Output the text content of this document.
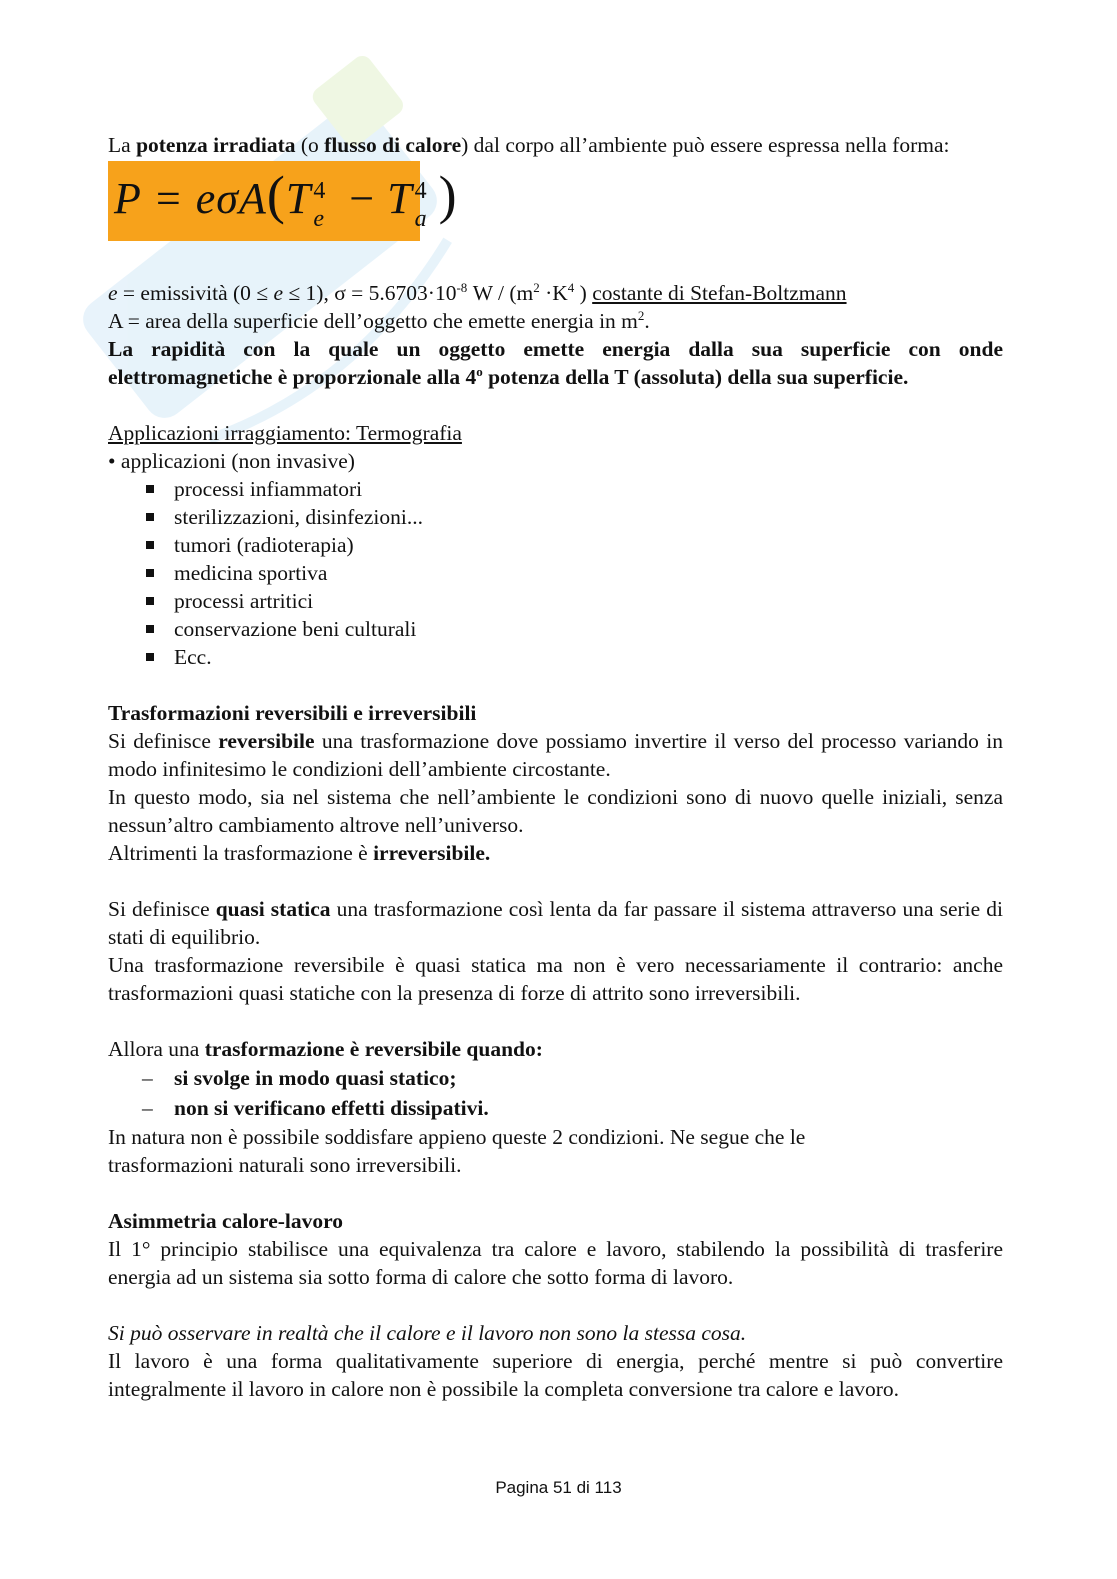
La potenza irradiata (o flusso di calore) dal corpo all’ambiente può essere espressa nella forma:

P = eσA(T 4
e − T 4
a )

e = emissività (0 ≤ e ≤ 1), $\sigma = 5.6703\cdot 10^{-8}$ $W / (m^2 \cdot K^4$ ) costante di Stefan-Boltzmann

A = area della superficie dell’oggetto che emette energia in $m^2$.

La rapidità con la quale un oggetto emette energia dalla sua superficie con onde elettromagnetiche è proporzionale alla 4$^o$ potenza della T (assoluta) della sua superficie.

Applicazioni irraggiamento: Termografia

• applicazioni (non invasive)

processi infiammatori
sterilizzazioni, disinfezioni...
tumori (radioterapia)
medicina sportiva
processi artritici
conservazione beni culturali
Ecc.

Trasformazioni reversibili e irreversibili

Si definisce reversibile una trasformazione dove possiamo invertire il verso del processo variando in modo infinitesimo le condizioni dell’ambiente circostante.

In questo modo, sia nel sistema che nell’ambiente le condizioni sono di nuovo quelle iniziali, senza nessun’altro cambiamento altrove nell’universo.

Altrimenti la trasformazione è irreversibile.

Si definisce quasi statica una trasformazione così lenta da far passare il sistema attraverso una serie di stati di equilibrio.

Una trasformazione reversibile è quasi statica ma non è vero necessariamente il contrario: anche trasformazioni quasi statiche con la presenza di forze di attrito sono irreversibili.

Allora una trasformazione è reversibile quando:

– si svolge in modo quasi statico;
– non si verificano effetti dissipativi.

In natura non è possibile soddisfare appieno queste 2 condizioni. Ne segue che le trasformazioni naturali sono irreversibili.

Asimmetria calore-lavoro

Il 1° principio stabilisce una equivalenza tra calore e lavoro, stabilendo la possibilità di trasferire energia ad un sistema sia sotto forma di calore che sotto forma di lavoro.

Si può osservare in realtà che il calore e il lavoro non sono la stessa cosa.

Il lavoro è una forma qualitativamente superiore di energia, perché mentre si può convertire integralmente il lavoro in calore non è possibile la completa conversione tra calore e lavoro.

Pagina 51 di 113
